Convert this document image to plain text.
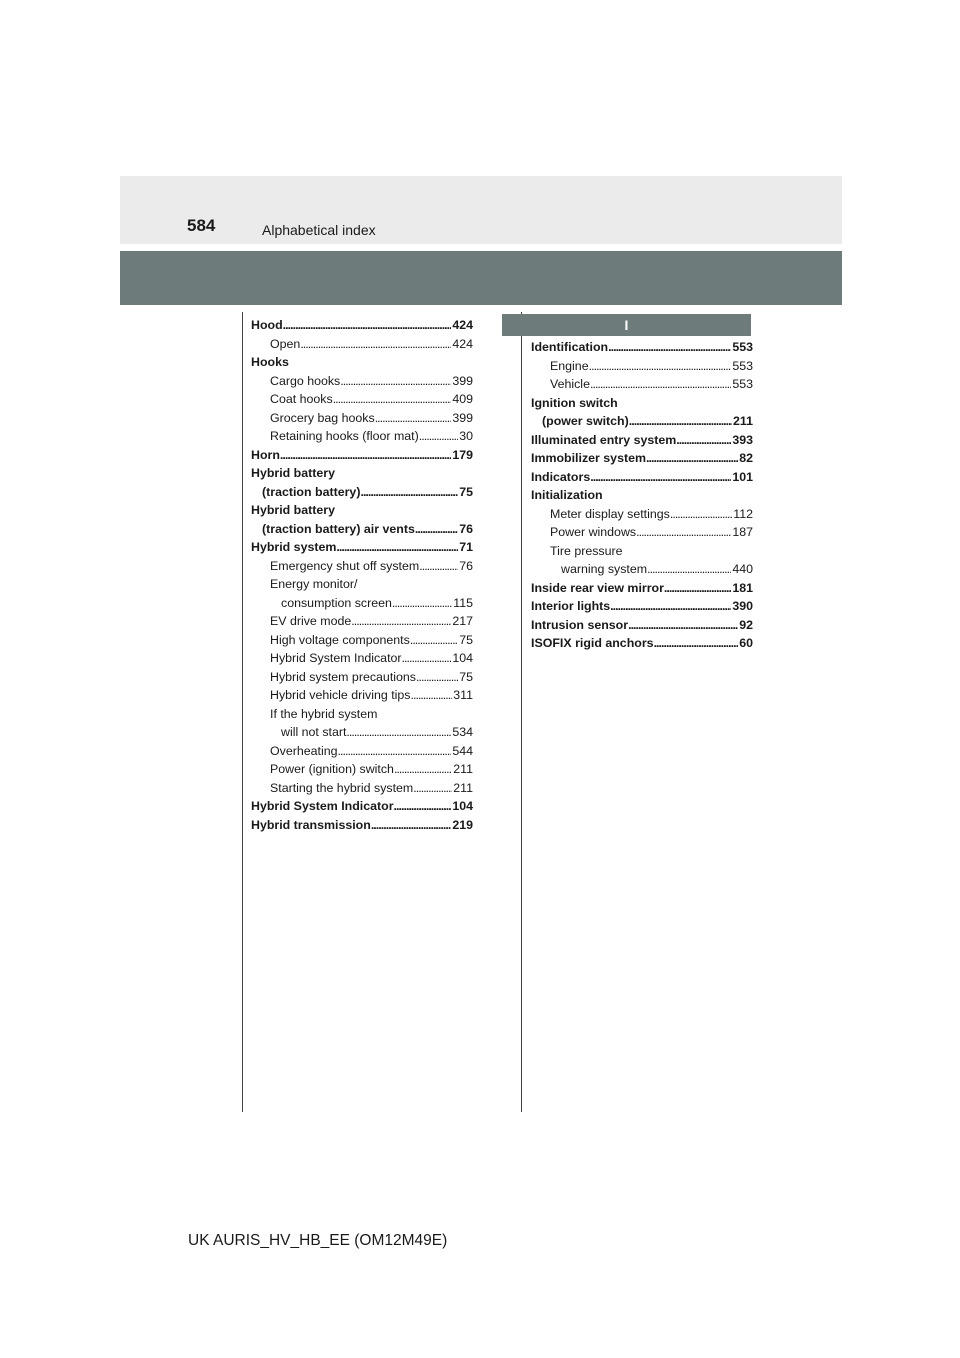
584	Alphabetical index
I
Hood . . .	424
Open . . .	424
Hooks
Cargo hooks . . .	399
Coat hooks . . .	409
Grocery bag hooks . . .	399
Retaining hooks (floor mat) . . .	30
Horn . . .	179
Hybrid battery
(traction battery) . . .	75
Hybrid battery
(traction battery) air vents . . .	76
Hybrid system . . .	71
Emergency shut off system . . .	76
Energy monitor/
consumption screen . . .	115
EV drive mode . . .	217
High voltage components . . .	75
Hybrid System Indicator . . .	104
Hybrid system precautions . . .	75
Hybrid vehicle driving tips . . .	311
If the hybrid system
will not start . . .	534
Overheating . . .	544
Power (ignition) switch . . .	211
Starting the hybrid system . . .	211
Hybrid System Indicator . . .	104
Hybrid transmission . . .	219
Identification . . .	553
Engine . . .	553
Vehicle . . .	553
Ignition switch
(power switch) . . .	211
Illuminated entry system . . .	393
Immobilizer system . . .	82
Indicators . . .	101
Initialization
Meter display settings . . .	112
Power windows . . .	187
Tire pressure
warning system . . .	440
Inside rear view mirror . . .	181
Interior lights . . .	390
Intrusion sensor . . .	92
ISOFIX rigid anchors . . .	60
UK AURIS_HV_HB_EE (OM12M49E)
